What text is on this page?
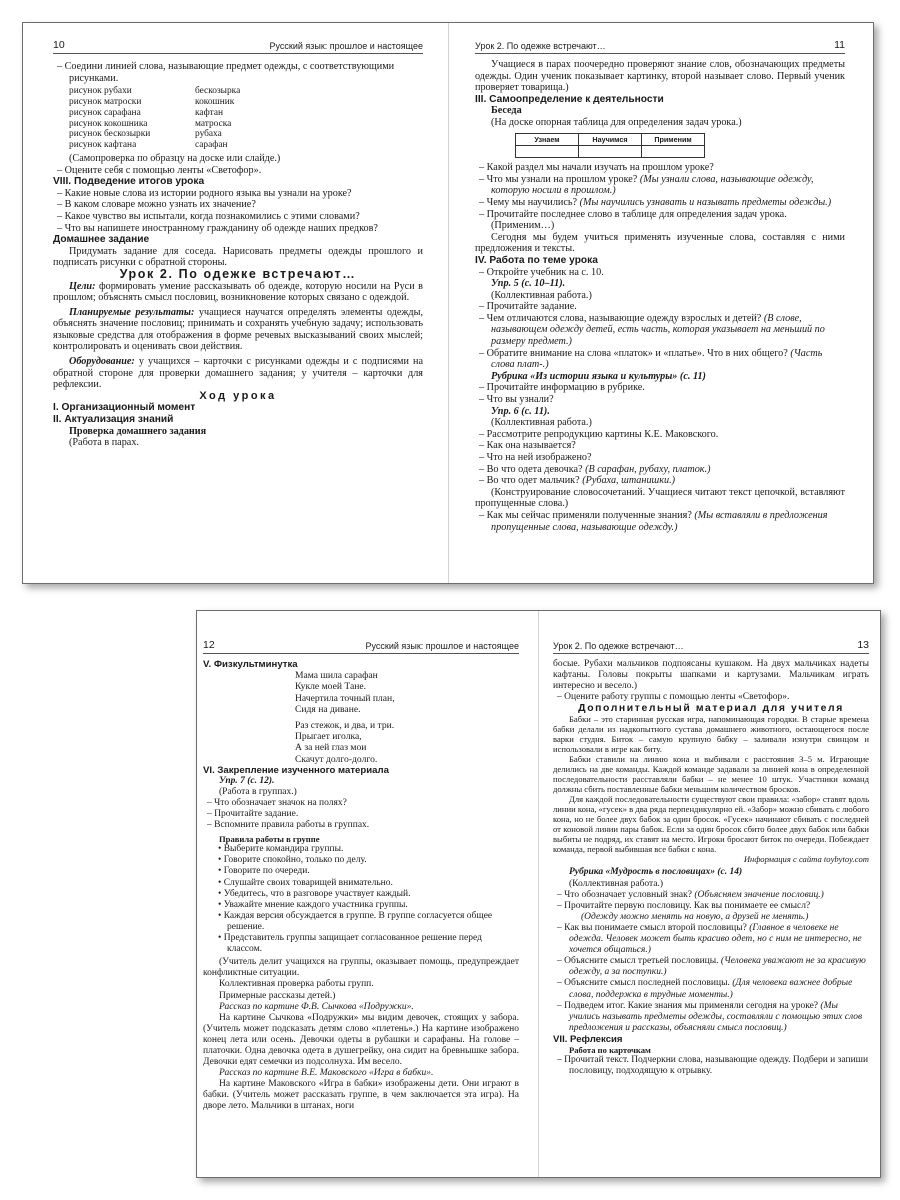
10	Русский язык: прошлое и настоящее

– Соедини линией слова, называющие предмет одежды, с соответствующими рисунками.

рисунок рубахи	бескозырка
рисунок матроски	кокошник
рисунок сарафана	кафтан
рисунок кокошника	матроска
рисунок бескозырки	рубаха
рисунок кафтана	сарафан

(Самопроверка по образцу на доске или слайде.)

– Оцените себя с помощью ленты «Светофор».

VIII. Подведение итогов урока

– Какие новые слова из истории родного языка вы узнали на уроке?

– В каком словаре можно узнать их значение?

– Какое чувство вы испытали, когда познакомились с этими словами?

– Что вы напишете иностранному гражданину об одежде наших предков?

Домашнее задание

Придумать задание для соседа. Нарисовать предметы одежды прошлого и подписать рисунки с обратной стороны.

Урок 2. По одежке встречают…

Цели: формировать умение рассказывать об одежде, которую носили на Руси в прошлом; объяснять смысл пословиц, возникновение которых связано с одеждой.

Планируемые результаты: учащиеся научатся определять элементы одежды, объяснять значение пословиц; принимать и сохранять учебную задачу; использовать языковые средства для отображения в форме речевых высказываний своих мыслей; контролировать и оценивать свои действия.

Оборудование: у учащихся – карточки с рисунками одежды и с подписями на обратной стороне для проверки домашнего задания; у учителя – карточки для рефлексии.

Ход урока

I. Организационный момент

II. Актуализация знаний

Проверка домашнего задания

(Работа в парах.

Урок 2. По одежке встречают…	11

Учащиеся в парах поочередно проверяют знание слов, обозначающих предметы одежды. Один ученик показывает картинку, второй называет слово. Первый ученик проверяет товарища.)

III. Самоопределение к деятельности

Беседа

(На доске опорная таблица для определения задач урока.)

Узнаем	Научимся	Применим

– Какой раздел мы начали изучать на прошлом уроке?

– Что мы узнали на прошлом уроке? (Мы узнали слова, называющие одежду, которую носили в прошлом.)

– Чему мы научились? (Мы научились узнавать и называть предметы одежды.)

– Прочитайте последнее слово в таблице для определения задач урока. (Применим…)

Сегодня мы будем учиться применять изученные слова, составляя с ними предложения и тексты.

IV. Работа по теме урока

– Откройте учебник на с. 10.

Упр. 5 (с. 10–11).

(Коллективная работа.)

– Прочитайте задание.

– Чем отличаются слова, называющие одежду взрослых и детей? (В слове, называющем одежду детей, есть часть, которая указывает на меньший по размеру предмет.)

– Обратите внимание на слова «платок» и «платье». Что в них общего? (Часть слова плат-.)

Рубрика «Из истории языка и культуры» (с. 11)

– Прочитайте информацию в рубрике.

– Что вы узнали?

Упр. 6 (с. 11).

(Коллективная работа.)

– Рассмотрите репродукцию картины К.Е. Маковского.

– Как она называется?

– Что на ней изображено?

– Во что одета девочка? (В сарафан, рубаху, платок.)

– Во что одет мальчик? (Рубаха, штанишки.)

(Конструирование словосочетаний. Учащиеся читают текст цепочкой, вставляют пропущенные слова.)

– Как мы сейчас применяли полученные знания? (Мы вставляли в предложения пропущенные слова, называющие одежду.)

12	Русский язык: прошлое и настоящее

V. Физкультминутка

Мама шила сарафан

Кукле моей Тане.

Начертила точный план,

Сидя на диване.

Раз стежок, и два, и три.

Прыгает иголка,

А за ней глаз мои

Скачут долго-долго.

VI. Закрепление изученного материала

Упр. 7 (с. 12).

(Работа в группах.)

– Что обозначает значок на полях?

– Прочитайте задание.

– Вспомните правила работы в группах.

Правила работы в группе

• Выберите командира группы.

• Говорите спокойно, только по делу.

• Говорите по очереди.

• Слушайте своих товарищей внимательно.

• Убедитесь, что в разговоре участвует каждый.

• Уважайте мнение каждого участника группы.

• Каждая версия обсуждается в группе. В группе согласуется общее решение.

• Представитель группы защищает согласованное решение перед классом.

(Учитель делит учащихся на группы, оказывает помощь, предупреждает конфликтные ситуации.

Коллективная проверка работы групп.

Примерные рассказы детей.)

Рассказ по картине Ф.В. Сычкова «Подружки».

На картине Сычкова «Подружки» мы видим девочек, стоящих у забора. (Учитель может подсказать детям слово «плетень».) На картине изображено конец лета или осень. Девочки одеты в рубашки и сарафаны. На голове – платочки. Одна девочка одета в душегрейку, она сидит на бревнышке забора. Девочки едят семечки из подсолнуха. Им весело.

Рассказ по картине В.Е. Маковского «Игра в бабки».

На картине Маковского «Игра в бабки» изображены дети. Они играют в бабки. (Учитель может рассказать группе, в чем заключается эта игра). На дворе лето. Мальчики в штанах, ноги

Урок 2. По одежке встречают…	13

босые. Рубахи мальчиков подпоясаны кушаком. На двух мальчиках надеты кафтаны. Головы покрыты шапками и картузами. Мальчикам играть интересно и весело.)

– Оцените работу группы с помощью ленты «Светофор».

Дополнительный материал для учителя

Бабки – это старинная русская игра, напоминающая городки. В старые времена бабки делали из надкопытного сустава домашнего животного, остающегося после варки студня. Биток – самую крупную бабку – заливали изнутри свинцом и использовали в игре как биту.

Бабки ставили на линию кона и выбивали с расстояния 3–5 м. Играющие делились на две команды. Каждой команде задавали за линией кона в определенной последовательности расставляли бабки – не менее 10 штук. Участники команд должны сбить поставленные бабки меньшим количеством бросков.

Для каждой последовательности существуют свои правила: «забор» ставят вдоль линии кона, «гусек» в два ряда перпендикулярно ей. «Забор» можно сбивать с любого кона, но не более двух бабок за один бросок. «Гусек» начинают сбивать с последней от коновой линии пары бабок. Если за один бросок сбито более двух бабок или бабки выбиты не подряд, их ставят на место. Игроки бросают биток по очереди. Побеждает команда, первой выбившая все бабки с кона.

Информация с сайта toybytoy.com

Рубрика «Мудрость в пословицах» (с. 14)

(Коллективная работа.)

– Что обозначает условный знак? (Объясняем значение пословиц.)

– Прочитайте первую пословицу. Как вы понимаете ее смысл?

(Одежду можно менять на новую, а друзей не менять.)

– Как вы понимаете смысл второй пословицы? (Главное в человеке не одежда. Человек может быть красиво одет, но с ним не интересно, не хочется общаться.)

– Объясните смысл третьей пословицы. (Человека уважают не за красивую одежду, а за поступки.)

– Объясните смысл последней пословицы. (Для человека важнее добрые слова, поддержка в трудные моменты.)

– Подведем итог. Какие знания мы применяли сегодня на уроке? (Мы учились называть предметы одежды, составляли с помощью этих слов предложения и рассказы, объясняли смысл пословиц.)

VII. Рефлексия

Работа по карточкам

– Прочитай текст. Подчеркни слова, называющие одежду. Подбери и запиши пословицу, подходящую к отрывку.
